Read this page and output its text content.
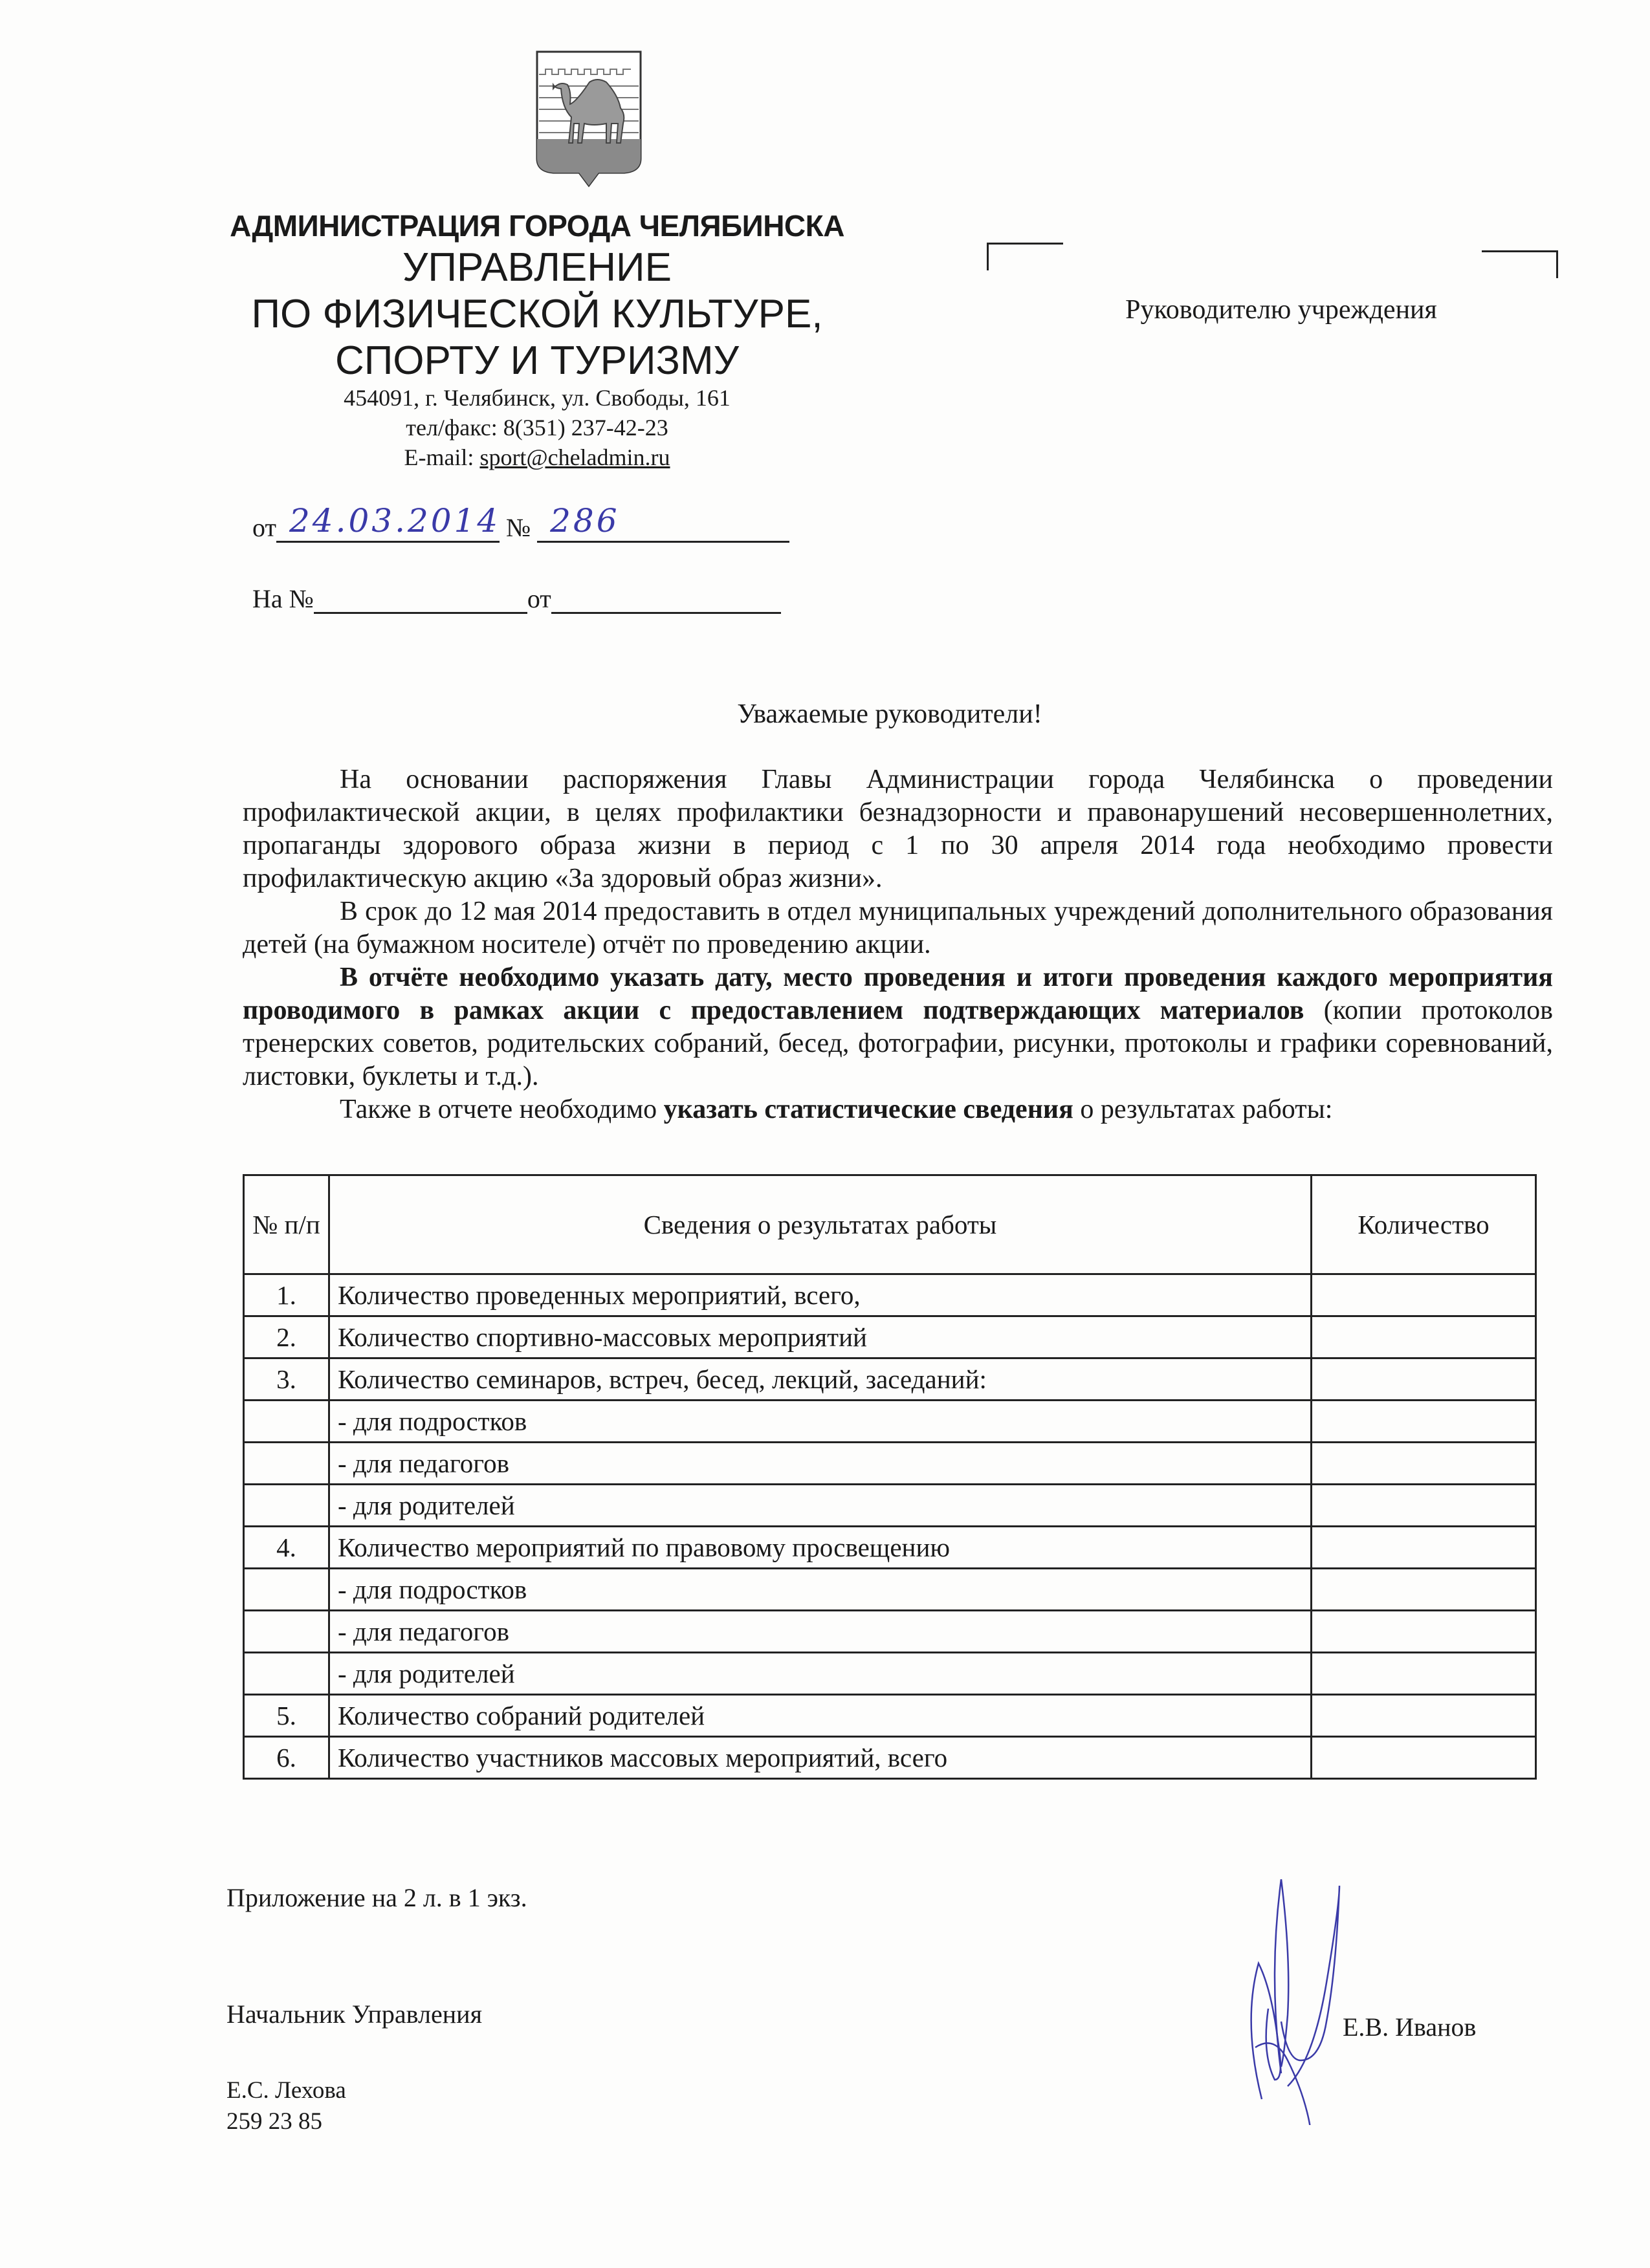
АДМИНИСТРАЦИЯ ГОРОДА ЧЕЛЯБИНСКА
УПРАВЛЕНИЕ
ПО ФИЗИЧЕСКОЙ КУЛЬТУРЕ,
СПОРТУ И ТУРИЗМУ
454091, г. Челябинск, ул. Свободы, 161
тел/факс: 8(351) 237-42-23
E-mail: sport@cheladmin.ru
от 24.03.2014 № 286
На №	от
Руководителю учреждения
Уважаемые руководители!

На основании распоряжения Главы Администрации города Челябинска о проведении профилактической акции, в целях профилактики безнадзорности и правонарушений несовершеннолетних, пропаганды здорового образа жизни в период с 1 по 30 апреля 2014 года необходимо провести профилактическую акцию «За здоровый образ жизни».

В срок до 12 мая 2014 предоставить в отдел муниципальных учреждений дополнительного образования детей (на бумажном носителе) отчёт по проведению акции.

В отчёте необходимо указать дату, место проведения и итоги проведения каждого мероприятия проводимого в рамках акции с предоставлением подтверждающих материалов (копии протоколов тренерских советов, родительских собраний, бесед, фотографии, рисунки, протоколы и графики соревнований, листовки, буклеты и т.д.).

Также в отчете необходимо указать статистические сведения о результатах работы:

№ п/п	Сведения о результатах работы	Количество
1.	Количество проведенных мероприятий, всего,	
2.	Количество спортивно-массовых мероприятий	
3.	Количество семинаров, встреч, бесед, лекций, заседаний:	
	- для подростков	
	- для педагогов	
	- для родителей	
4.	Количество мероприятий по правовому просвещению	
	- для подростков	
	- для педагогов	
	- для родителей	
5.	Количество собраний родителей	
6.	Количество участников массовых мероприятий, всего	
Приложение на 2 л. в 1 экз.
Начальник Управления	Е.В. Иванов
Е.С. Лехова
259 23 85
